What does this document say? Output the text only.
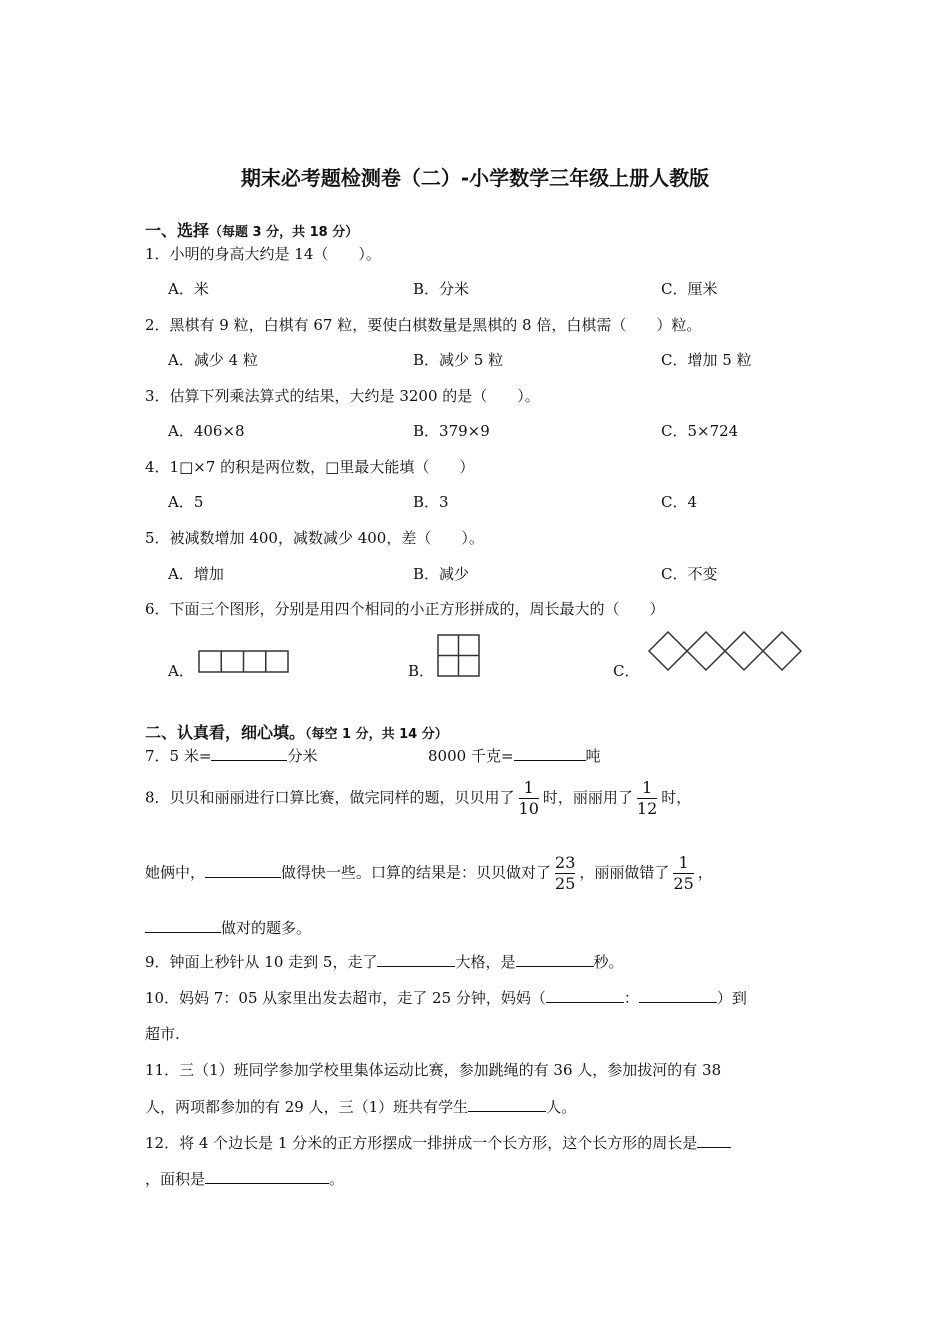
期末必考题检测卷（二）-小学数学三年级上册人教版
一、选择（每题 3 分，共 18 分）
1．小明的身高大约是 14（　　）。
A．米	B．分米	C．厘米
2．黑棋有 9 粒，白棋有 67 粒，要使白棋数量是黑棋的 8 倍，白棋需（　　）粒。
A．减少 4 粒	B．减少 5 粒	C．增加 5 粒
3．估算下列乘法算式的结果，大约是 3200 的是（　　）。
A．406×8	B．379×9	C．5×724
4．1□×7 的积是两位数，□里最大能填（　　）
A．5	B．3	C．4
5．被减数增加 400，减数减少 400，差（　　）。
A．增加	B．减少	C．不变
6．下面三个图形，分别是用四个相同的小正方形拼成的，周长最大的（　　）
A．	B．	C．
二、认真看，细心填。（每空 1 分，共 14 分）
7．5 米=	分米	8000 千克=	吨
8．贝贝和丽丽进行口算比赛，做完同样的题，贝贝用了 $\frac{1}{10}$ 时，丽丽用了 $\frac{1}{12}$ 时，
她俩中，	做得快一些。口算的结果是：贝贝做对了 $\frac{23}{25}$ ，丽丽做错了 $\frac{1}{25}$ ，
做对的题多。
9．钟面上秒针从 10 走到 5，走了	大格，是	秒。
10．妈妈 7：05 从家里出发去超市，走了 25 分钟，妈妈（	：	）到
超市.
11．三（1）班同学参加学校里集体运动比赛，参加跳绳的有 36 人，参加拔河的有 38
人，两项都参加的有 29 人，三（1）班共有学生	人。
12．将 4 个边长是 1 分米的正方形摆成一排拼成一个长方形，这个长方形的周长是
，面积是	。
